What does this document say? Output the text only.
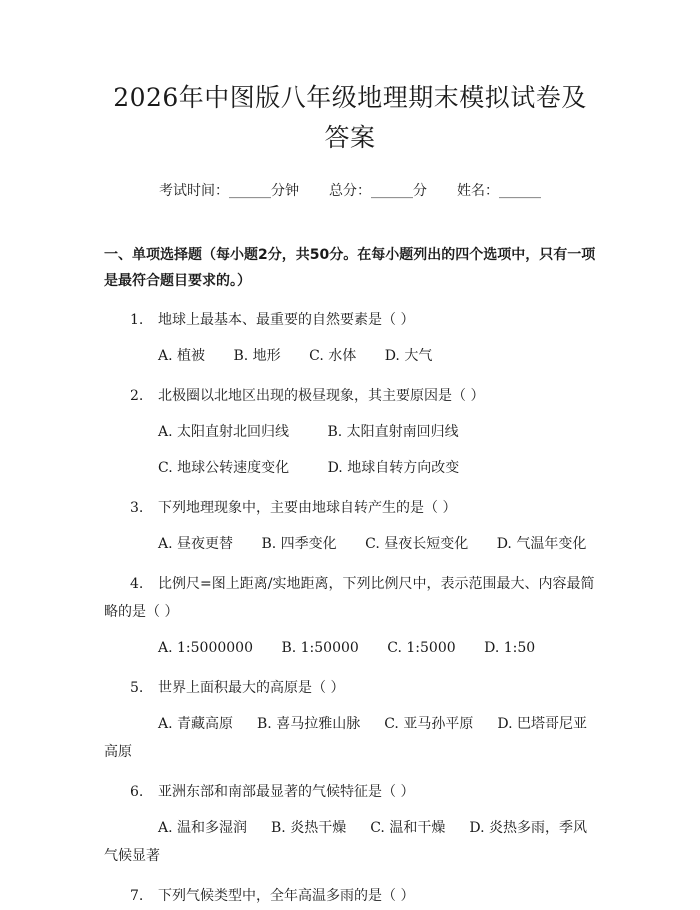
2026年中图版八年级地理期末模拟试卷及答案
考试时间：______分钟 总分：______分 姓名：______
一、单项选择题（每小题2分，共50分。在每小题列出的四个选项中，只有一项是最符合题目要求的。）
1. 地球上最基本、最重要的自然要素是（ ）
A. 植被 B. 地形 C. 水体 D. 大气
2. 北极圈以北地区出现的极昼现象，其主要原因是（ ）
A. 太阳直射北回归线	B. 太阳直射南回归线
C. 地球公转速度变化	D. 地球自转方向改变
3. 下列地理现象中，主要由地球自转产生的是（ ）
A. 昼夜更替 B. 四季变化 C. 昼夜长短变化 D. 气温年变化
4. 比例尺=图上距离/实地距离，下列比例尺中，表示范围最大、内容最简略的是（ ）
A. 1:5000000 B. 1:50000 C. 1:5000 D. 1:50
5. 世界上面积最大的高原是（ ）
A. 青藏高原 B. 喜马拉雅山脉 C. 亚马孙平原 D. 巴塔哥尼亚高原
6. 亚洲东部和南部最显著的气候特征是（ ）
A. 温和多湿润 B. 炎热干燥 C. 温和干燥 D. 炎热多雨，季风气候显著
7. 下列气候类型中，全年高温多雨的是（ ）
